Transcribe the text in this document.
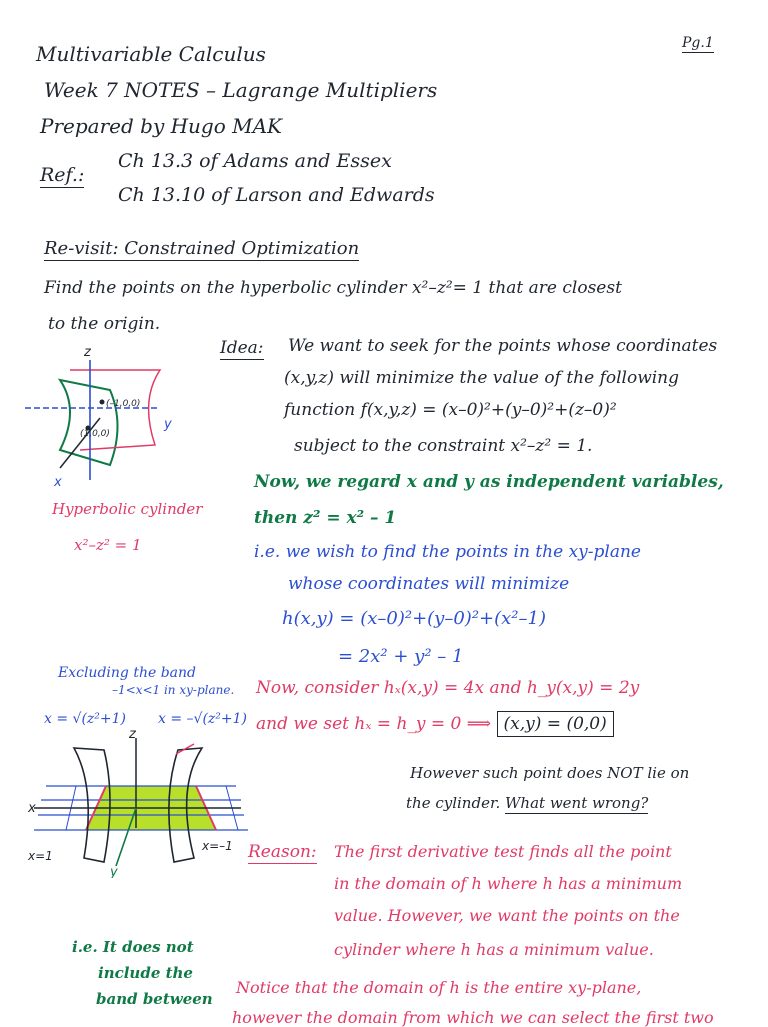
Multivariable Calculus	Pg.1
Week 7 NOTES – Lagrange Multipliers
Prepared by Hugo MAK
Ref.:
Ch 13.3 of Adams and Essex
Ch 13.10 of Larson and Edwards
Re-visit: Constrained Optimization
Find the points on the hyperbolic cylinder x²–z²= 1 that are closest
to the origin.
Idea: We want to seek for the points whose coordinates
(x,y,z) will minimize the value of the following
function f(x,y,z) = (x–0)²+(y–0)²+(z–0)²
subject to the constraint x²–z² = 1.
z
y
x
(–1,0,0)
(1,0,0)
Hyperbolic cylinder
x²–z² = 1
Now, we regard x and y as independent variables,
then z² = x² – 1
i.e. we wish to find the points in the xy-plane
whose coordinates will minimize
h(x,y) = (x–0)²+(y–0)²+(x²–1)
= 2x² + y² – 1
Excluding the band
–1<x<1 in xy-plane.
x = √(z²+1) x = –√(z²+1)
z
x
y
x=1
x=–1
Now, consider hₓ(x,y) = 4x and h_y(x,y) = 2y
and we set hₓ = h_y = 0 ⟹ (x,y) = (0,0)
However such point does NOT lie on
the cylinder. What went wrong?
Reason: The first derivative test finds all the point
in the domain of h where h has a minimum
value. However, we want the points on the
cylinder where h has a minimum value.
Notice that the domain of h is the entire xy-plane,
however the domain from which we can select the first two
i.e. It does not
include the
band between
